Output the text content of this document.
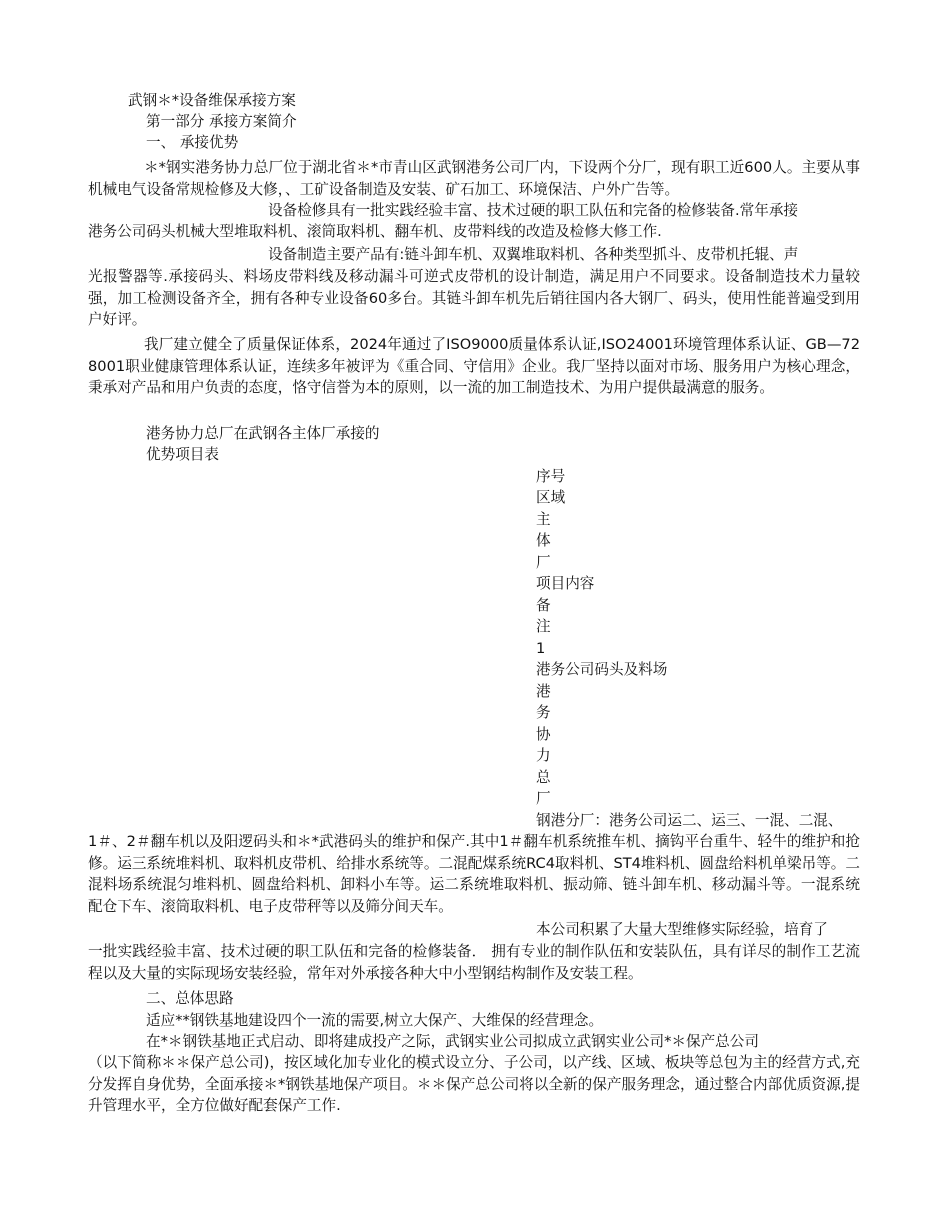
武钢＊*设备维保承接方案
第一部分 承接方案简介
一、 承接优势
＊*钢实港务协力总厂位于湖北省＊*市青山区武钢港务公司厂内，下设两个分厂，现有职工近600人。主要从事机械电气设备常规检修及大修，、工矿设备制造及安装、矿石加工、环境保洁、户外广告等。
设备检修具有一批实践经验丰富、技术过硬的职工队伍和完备的检修装备.常年承接
港务公司码头机械大型堆取料机、滚筒取料机、翻车机、皮带料线的改造及检修大修工作.
设备制造主要产品有:链斗卸车机、双翼堆取料机、各种类型抓斗、皮带机托辊、声
光报警器等.承接码头、料场皮带料线及移动漏斗可逆式皮带机的设计制造，满足用户不同要求。设备制造技术力量较强，加工检测设备齐全，拥有各种专业设备60多台。其链斗卸车机先后销往国内各大钢厂、码头，使用性能普遍受到用户好评。
我厂建立健全了质量保证体系，2024年通过了ISO9000质量体系认证,ISO24001环境管理体系认证、GB—728001职业健康管理体系认证，连续多年被评为《重合同、守信用》企业。我厂坚持以面对市场、服务用户为核心理念，秉承对产品和用户负责的态度，恪守信誉为本的原则，以一流的加工制造技术、为用户提供最满意的服务。
港务协力总厂在武钢各主体厂承接的
优势项目表
序号
区域
主
体
厂
项目内容
备
注
1
港务公司码头及料场
港
务
协
力
总
厂
钢港分厂：港务公司运二、运三、一混、二混、
1＃、2＃翻车机以及阳逻码头和＊*武港码头的维护和保产.其中1＃翻车机系统推车机、摘钩平台重牛、轻牛的维护和抢修。运三系统堆料机、取料机皮带机、给排水系统等。二混配煤系统RC4取料机、ST4堆料机、圆盘给料机单梁吊等。二混料场系统混匀堆料机、圆盘给料机、卸料小车等。运二系统堆取料机、振动筛、链斗卸车机、移动漏斗等。一混系统配仓下车、滚筒取料机、电子皮带秤等以及筛分间天车。
本公司积累了大量大型维修实际经验，培育了
一批实践经验丰富、技术过硬的职工队伍和完备的检修装备． 拥有专业的制作队伍和安装队伍，具有详尽的制作工艺流程以及大量的实际现场安装经验，常年对外承接各种大中小型钢结构制作及安装工程。
二、总体思路
适应**钢铁基地建设四个一流的需要,树立大保产、大维保的经营理念。
在*＊钢铁基地正式启动、即将建成投产之际，武钢实业公司拟成立武钢实业公司*＊保产总公司
（以下简称＊＊保产总公司)，按区域化加专业化的模式设立分、子公司，以产线、区域、板块等总包为主的经营方式,充分发挥自身优势，全面承接＊*钢铁基地保产项目。＊＊保产总公司将以全新的保产服务理念，通过整合内部优质资源,提升管理水平，全方位做好配套保产工作.
